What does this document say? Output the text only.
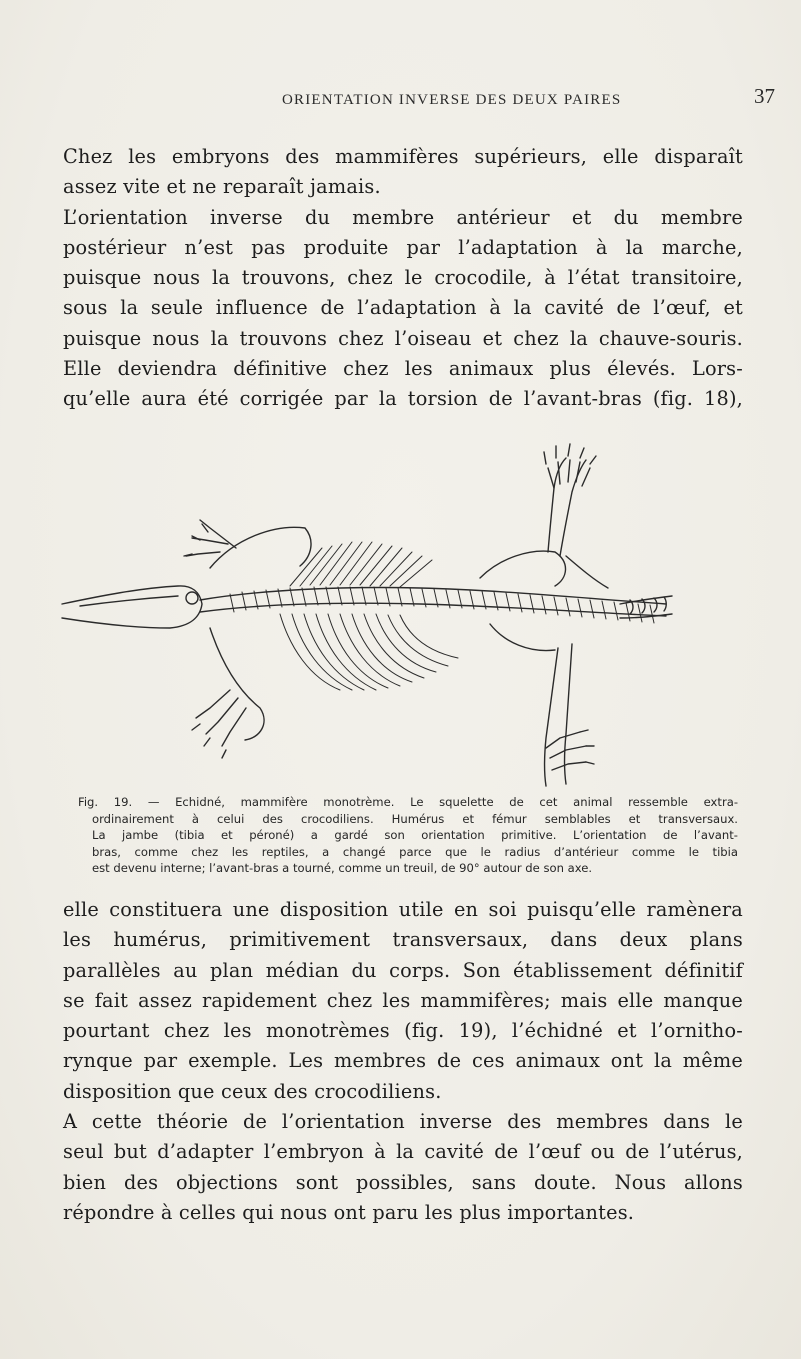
ORIENTATION INVERSE DES DEUX PAIRES	37
Chez les embryons des mammifères supérieurs, elle disparaît
assez vite et ne reparaît jamais.
L’orientation inverse du membre antérieur et du membre
postérieur n’est pas produite par l’adaptation à la marche,
puisque nous la trouvons, chez le crocodile, à l’état transitoire,
sous la seule influence de l’adaptation à la cavité de l’œuf, et
puisque nous la trouvons chez l’oiseau et chez la chauve-souris.
Elle deviendra définitive chez les animaux plus élevés. Lors-
qu’elle aura été corrigée par la torsion de l’avant-bras (fig. 18),
Fig. 19. — Echidné, mammifère monotrème. Le squelette de cet animal ressemble extra-
ordinairement à celui des crocodiliens. Humérus et fémur semblables et transversaux.
La jambe (tibia et péroné) a gardé son orientation primitive. L’orientation de l’avant-
bras, comme chez les reptiles, a changé parce que le radius d’antérieur comme le tibia
est devenu interne; l’avant-bras a tourné, comme un treuil, de 90° autour de son axe.
elle constituera une disposition utile en soi puisqu’elle ramènera
les humérus, primitivement transversaux, dans deux plans
parallèles au plan médian du corps. Son établissement définitif
se fait assez rapidement chez les mammifères; mais elle manque
pourtant chez les monotrèmes (fig. 19), l’échidné et l’ornitho-
rynque par exemple. Les membres de ces animaux ont la même
disposition que ceux des crocodiliens.
A cette théorie de l’orientation inverse des membres dans le
seul but d’adapter l’embryon à la cavité de l’œuf ou de l’utérus,
bien des objections sont possibles, sans doute. Nous allons
répondre à celles qui nous ont paru les plus importantes.
